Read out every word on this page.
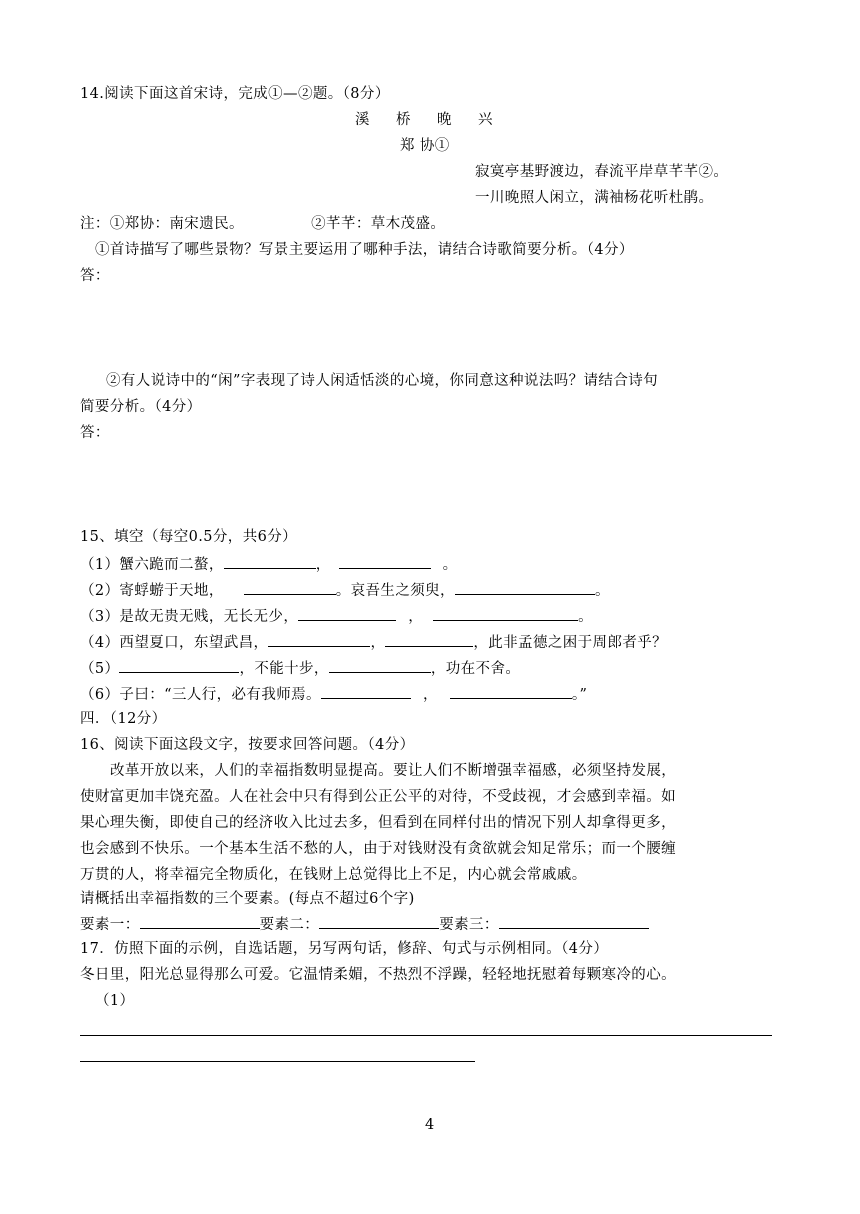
14.阅读下面这首宋诗，完成①—②题。（8分）
溪　桥　晚　兴
郑 协①
寂寞亭基野渡边，春流平岸草芊芊②。
一川晚照人闲立，满袖杨花听杜鹃。
注：①郑协：南宋遗民。　　　　　②芊芊：草木茂盛。
①首诗描写了哪些景物？写景主要运用了哪种手法，请结合诗歌简要分析。（4分）
答：
②有人说诗中的“闲”字表现了诗人闲适恬淡的心境，你同意这种说法吗？请结合诗句
简要分析。（4分）
答：
15、填空（每空0.5分，共6分）
（1）蟹六跪而二螯，	，	。
（2）寄蜉蝣于天地，	。哀吾生之须臾，	。
（3）是故无贵无贱，无长无少，	，	。
（4）西望夏口，东望武昌，	，	，此非孟德之困于周郎者乎？
（5）	，不能十步，	，功在不舍。
（6）子曰：“三人行，必有我师焉。	，	。”
四．（12分）
16、阅读下面这段文字，按要求回答问题。（4分）
改革开放以来，人们的幸福指数明显提高。要让人们不断增强幸福感，必须坚持发展，
使财富更加丰饶充盈。人在社会中只有得到公正公平的对待，不受歧视，才会感到幸福。如
果心理失衡，即使自己的经济收入比过去多，但看到在同样付出的情况下别人却拿得更多，
也会感到不快乐。一个基本生活不愁的人，由于对钱财没有贪欲就会知足常乐；而一个腰缠
万贯的人，将幸福完全物质化，在钱财上总觉得比上不足，内心就会常戚戚。
请概括出幸福指数的三个要素。(每点不超过6个字)
要素一：	要素二：	要素三：
17．仿照下面的示例，自选话题，另写两句话，修辞、句式与示例相同。（4分）
冬日里，阳光总显得那么可爱。它温情柔媚，不热烈不浮躁，轻轻地抚慰着每颗寒冷的心。
（1）
4
